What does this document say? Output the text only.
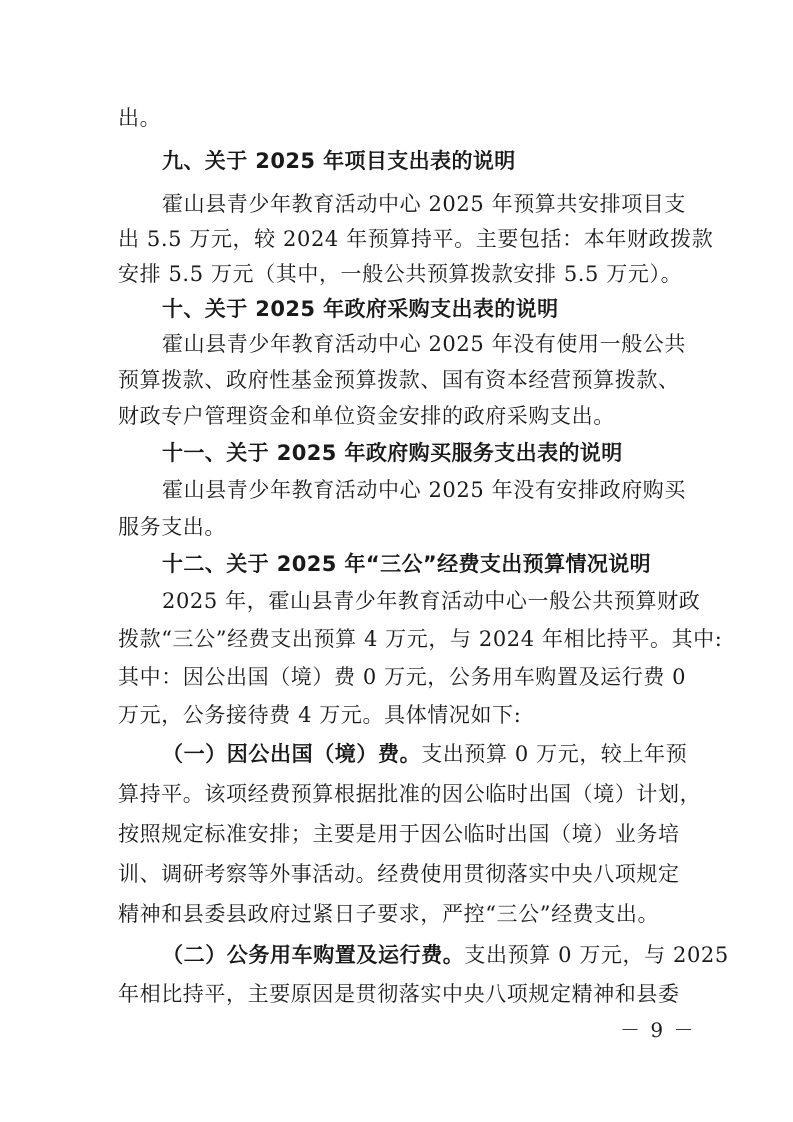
出。
九、关于 2025 年项目支出表的说明
霍山县青少年教育活动中心 2025 年预算共安排项目支
出 5.5 万元，较 2024 年预算持平。主要包括：本年财政拨款
安排 5.5 万元（其中，一般公共预算拨款安排 5.5 万元）。
十、关于 2025 年政府采购支出表的说明
霍山县青少年教育活动中心 2025 年没有使用一般公共
预算拨款、政府性基金预算拨款、国有资本经营预算拨款、
财政专户管理资金和单位资金安排的政府采购支出。
十一、关于 2025 年政府购买服务支出表的说明
霍山县青少年教育活动中心 2025 年没有安排政府购买
服务支出。
十二、关于 2025 年“三公”经费支出预算情况说明
2025 年，霍山县青少年教育活动中心一般公共预算财政
拨款“三公”经费支出预算 4 万元，与 2024 年相比持平。其中:
其中：因公出国（境）费 0 万元，公务用车购置及运行费 0
万元，公务接待费 4 万元。具体情况如下:
（一）因公出国（境）费。支出预算 0 万元，较上年预
算持平。该项经费预算根据批准的因公临时出国（境）计划，
按照规定标准安排；主要是用于因公临时出国（境）业务培
训、调研考察等外事活动。经费使用贯彻落实中央八项规定
精神和县委县政府过紧日子要求，严控“三公”经费支出。
（二）公务用车购置及运行费。支出预算 0 万元，与 2025
年相比持平，主要原因是贯彻落实中央八项规定精神和县委
－ 9 －
